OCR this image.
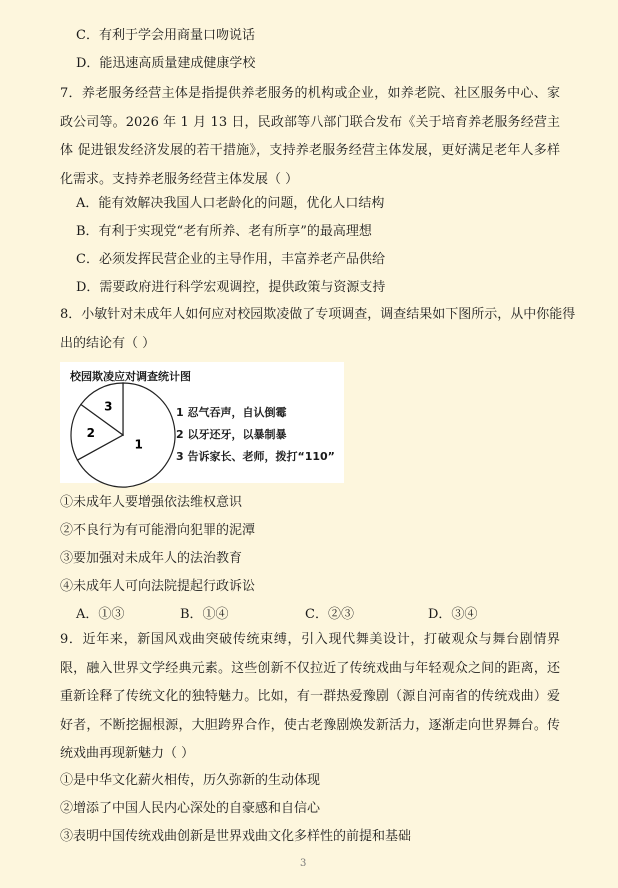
C．有利于学会用商量口吻说话
D．能迅速高质量建成健康学校
7．养老服务经营主体是指提供养老服务的机构或企业，如养老院、社区服务中心、家政公司等。2026 年 1 月 13 日，民政部等八部门联合发布《关于培育养老服务经营主体 促进银发经济发展的若干措施》，支持养老服务经营主体发展，更好满足老年人多样化需求。支持养老服务经营主体发展（ ）
A．能有效解决我国人口老龄化的问题，优化人口结构
B．有利于实现党“老有所养、老有所享”的最高理想
C．必须发挥民营企业的主导作用，丰富养老产品供给
D．需要政府进行科学宏观调控，提供政策与资源支持
8．小敏针对未成年人如何应对校园欺凌做了专项调查，调查结果如下图所示，从中你能得
出的结论有（ ）
校园欺凌应对调查统计图
1
2
3	1 忍气吞声，自认倒霉
2 以牙还牙，以暴制暴
3 告诉家长、老师，拨打“110”
①未成年人要增强依法维权意识
②不良行为有可能滑向犯罪的泥潭
③要加强对未成年人的法治教育
④未成年人可向法院提起行政诉讼
A．①③	B．①④	C．②③	D．③④
9．近年来，新国风戏曲突破传统束缚，引入现代舞美设计，打破观众与舞台剧情界限，融入世界文学经典元素。这些创新不仅拉近了传统戏曲与年轻观众之间的距离，还重新诠释了传统文化的独特魅力。比如，有一群热爱豫剧（源自河南省的传统戏曲）爱好者，不断挖掘根源，大胆跨界合作，使古老豫剧焕发新活力，逐渐走向世界舞台。传统戏曲再现新魅力（ ）
①是中华文化薪火相传，历久弥新的生动体现
②增添了中国人民内心深处的自豪感和自信心
③表明中国传统戏曲创新是世界戏曲文化多样性的前提和基础
3
